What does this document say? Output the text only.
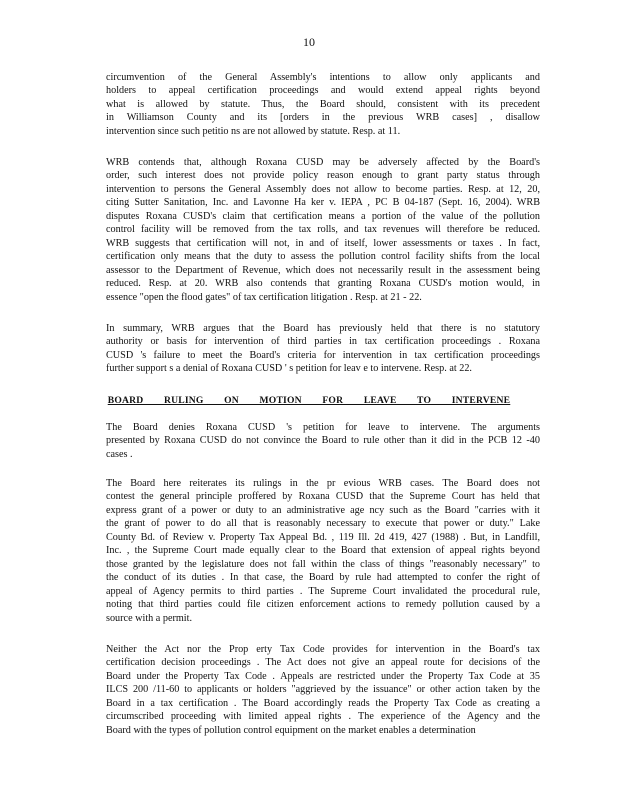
10
circumvention of the General Assembly's intentions to allow only applicants and
holders to appeal certification proceedings and would extend appeal rights beyond
what is allowed by statute. Thus, the Board should, consistent with its precedent
in Williamson County and its [orders in the previous WRB cases] , disallow
intervention since such petitio ns are not allowed by statute. Resp. at 11.
WRB contends that, although Roxana CUSD may be adversely affected by the Board's
order, such interest does not provide policy reason enough to grant party status through
intervention to persons the General Assembly does not allow to become parties. Resp. at 12, 20,
citing Sutter Sanitation, Inc. and Lavonne Ha ker v. IEPA , PC B 04-187 (Sept. 16, 2004). WRB
disputes Roxana CUSD's claim that certification means a portion of the value of the pollution
control facility will be removed from the tax rolls, and tax revenues will therefore be reduced.
WRB suggests that certification will not, in and of itself, lower assessments or taxes . In fact,
certification only means that the duty to assess the pollution control facility shifts from the local
assessor to the Department of Revenue, which does not necessarily result in the assessment being
reduced. Resp. at 20. WRB also contends that granting Roxana CUSD's motion would, in
essence "open the flood gates" of tax certification litigation . Resp. at 21 - 22.
In summary, WRB argues that the Board has previously held that there is no statutory
authority or basis for intervention of third parties in tax certification proceedings . Roxana
CUSD 's failure to meet the Board's criteria for intervention in tax certification proceedings
further support s a denial of Roxana CUSD ' s petition for leav e to intervene. Resp. at 22.
BOARD RULING ON MOTION FOR LEAVE TO INTERVENE
The Board denies Roxana CUSD 's petition for leave to intervene. The arguments
presented by Roxana CUSD do not convince the Board to rule other than it did in the PCB 12 -40
cases .
The Board here reiterates its rulings in the pr evious WRB cases. The Board does not
contest the general principle proffered by Roxana CUSD that the Supreme Court has held that
express grant of a power or duty to an administrative age ncy such as the Board "carries with it
the grant of power to do all that is reasonably necessary to execute that power or duty." Lake
County Bd. of Review v. Property Tax Appeal Bd. , 119 Ill. 2d 419, 427 (1988) . But, in Landfill,
Inc. , the Supreme Court made equally clear to the Board that extension of appeal rights beyond
those granted by the legislature does not fall within the class of things "reasonably necessary" to
the conduct of its duties . In that case, the Board by rule had attempted to confer the right of
appeal of Agency permits to third parties . The Supreme Court invalidated the procedural rule,
noting that third parties could file citizen enforcement actions to remedy pollution caused by a
source with a permit.
Neither the Act nor the Prop erty Tax Code provides for intervention in the Board's tax
certification decision proceedings . The Act does not give an appeal route for decisions of the
Board under the Property Tax Code . Appeals are restricted under the Property Tax Code at 35
ILCS 200 /11-60 to applicants or holders "aggrieved by the issuance" or other action taken by the
Board in a tax certification . The Board accordingly reads the Property Tax Code as creating a
circumscribed proceeding with limited appeal rights . The experience of the Agency and the
Board with the types of pollution control equipment on the market enables a determination
